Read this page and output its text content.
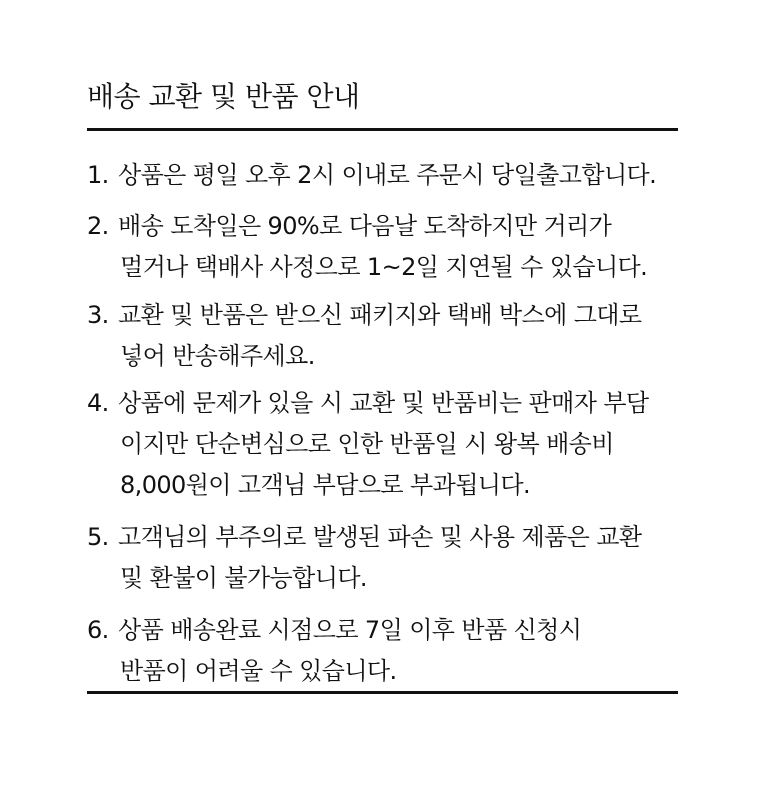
배송 교환 및 반품 안내
1. 상품은 평일 오후 2시 이내로 주문시 당일출고합니다.
2. 배송 도착일은 90%로 다음날 도착하지만 거리가
멀거나 택배사 사정으로 1~2일 지연될 수 있습니다.
3. 교환 및 반품은 받으신 패키지와 택배 박스에 그대로
넣어 반송해주세요.
4. 상품에 문제가 있을 시 교환 및 반품비는 판매자 부담
이지만 단순변심으로 인한 반품일 시 왕복 배송비
8,000원이 고객님 부담으로 부과됩니다.
5. 고객님의 부주의로 발생된 파손 및 사용 제품은 교환
및 환불이 불가능합니다.
6. 상품 배송완료 시점으로 7일 이후 반품 신청시
반품이 어려울 수 있습니다.
